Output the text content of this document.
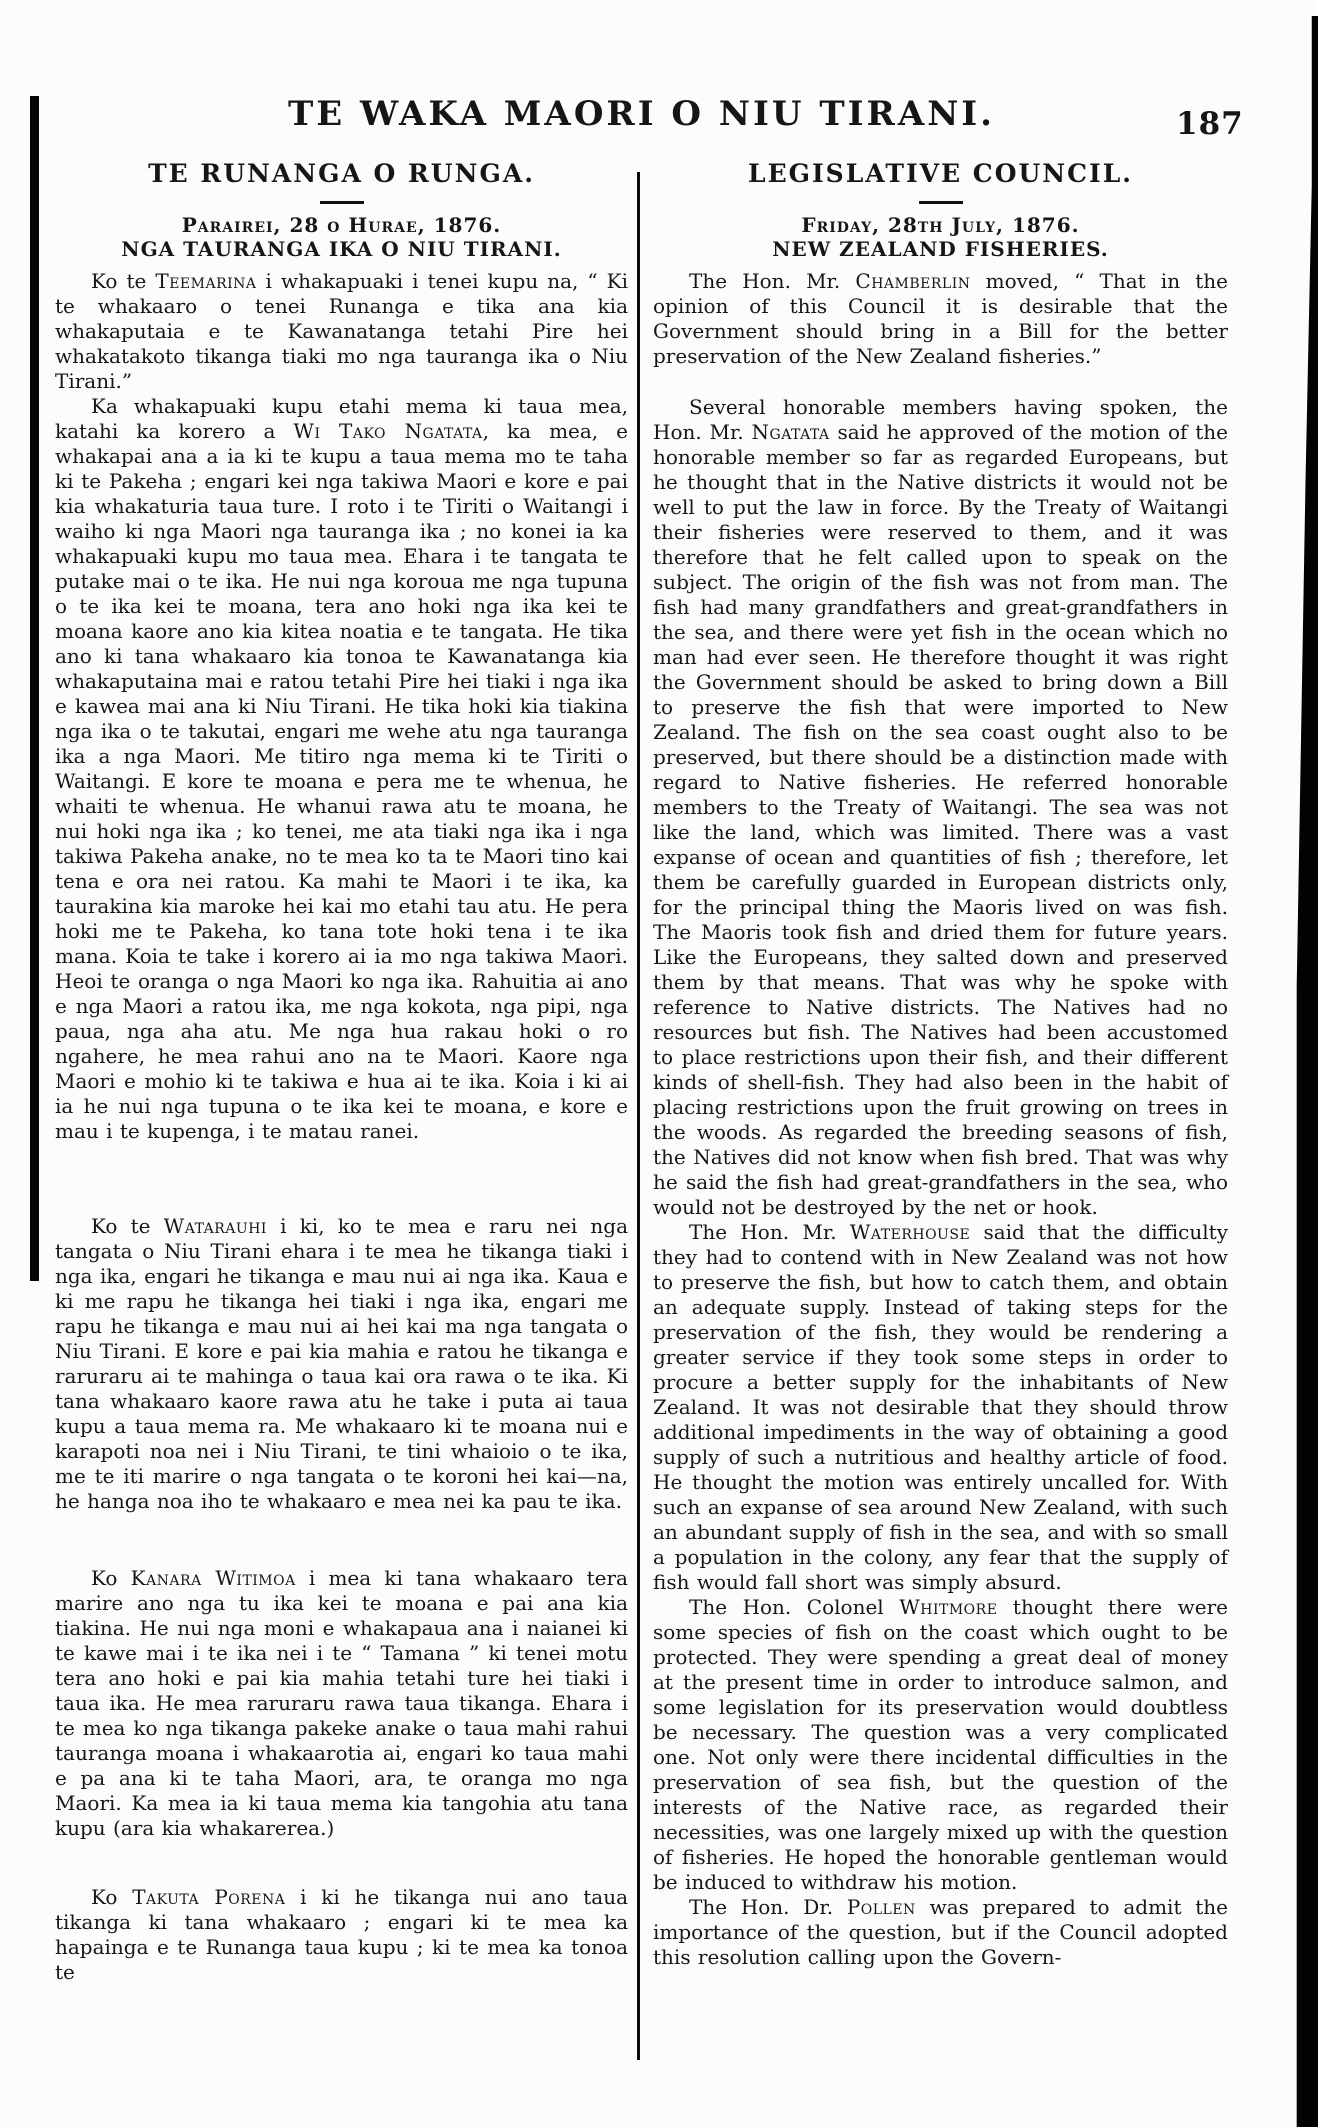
TE WAKA MAORI O NIU TIRANI.	187
TE RUNANGA O RUNGA.
Parairei, 28 o Hurae, 1876.
NGA TAURANGA IKA O NIU TIRANI.

Ko te Teemarina i whakapuaki i tenei kupu na, “ Ki te whakaaro o tenei Runanga e tika ana kia whakaputaia e te Kawanatanga tetahi Pire hei whakatakoto tikanga tiaki mo nga tauranga ika o Niu Tirani.”

Ka whakapuaki kupu etahi mema ki taua mea, katahi ka korero a Wi Tako Ngatata, ka mea, e whakapai ana a ia ki te kupu a taua mema mo te taha ki te Pakeha ; engari kei nga takiwa Maori e kore e pai kia whakaturia taua ture. I roto i te Tiriti o Waitangi i waiho ki nga Maori nga tauranga ika ; no konei ia ka whakapuaki kupu mo taua mea. Ehara i te tangata te putake mai o te ika. He nui nga koroua me nga tupuna o te ika kei te moana, tera ano hoki nga ika kei te moana kaore ano kia kitea noatia e te tangata. He tika ano ki tana whakaaro kia tonoa te Kawanatanga kia whakaputaina mai e ratou tetahi Pire hei tiaki i nga ika e kawea mai ana ki Niu Tirani. He tika hoki kia tiakina nga ika o te takutai, engari me wehe atu nga tauranga ika a nga Maori. Me titiro nga mema ki te Tiriti o Waitangi. E kore te moana e pera me te whenua, he whaiti te whenua. He whanui rawa atu te moana, he nui hoki nga ika ; ko tenei, me ata tiaki nga ika i nga takiwa Pakeha anake, no te mea ko ta te Maori tino kai tena e ora nei ratou. Ka mahi te Maori i te ika, ka taurakina kia maroke hei kai mo etahi tau atu. He pera hoki me te Pakeha, ko tana tote hoki tena i te ika mana. Koia te take i korero ai ia mo nga takiwa Maori. Heoi te oranga o nga Maori ko nga ika. Rahuitia ai ano e nga Maori a ratou ika, me nga kokota, nga pipi, nga paua, nga aha atu. Me nga hua rakau hoki o ro ngahere, he mea rahui ano na te Maori. Kaore nga Maori e mohio ki te takiwa e hua ai te ika. Koia i ki ai ia he nui nga tupuna o te ika kei te moana, e kore e mau i te kupenga, i te matau ranei.

Ko te Watarauhi i ki, ko te mea e raru nei nga tangata o Niu Tirani ehara i te mea he tikanga tiaki i nga ika, engari he tikanga e mau nui ai nga ika. Kaua e ki me rapu he tikanga hei tiaki i nga ika, engari me rapu he tikanga e mau nui ai hei kai ma nga tangata o Niu Tirani. E kore e pai kia mahia e ratou he tikanga e raruraru ai te mahinga o taua kai ora rawa o te ika. Ki tana whakaaro kaore rawa atu he take i puta ai taua kupu a taua mema ra. Me whakaaro ki te moana nui e karapoti noa nei i Niu Tirani, te tini whaioio o te ika, me te iti marire o nga tangata o te koroni hei kai—na, he hanga noa iho te whakaaro e mea nei ka pau te ika.

Ko Kanara Witimoa i mea ki tana whakaaro tera marire ano nga tu ika kei te moana e pai ana kia tiakina. He nui nga moni e whakapaua ana i naianei ki te kawe mai i te ika nei i te “ Tamana ” ki tenei motu tera ano hoki e pai kia mahia tetahi ture hei tiaki i taua ika. He mea raruraru rawa taua tikanga. Ehara i te mea ko nga tikanga pakeke anake o taua mahi rahui tauranga moana i whakaarotia ai, engari ko taua mahi e pa ana ki te taha Maori, ara, te oranga mo nga Maori. Ka mea ia ki taua mema kia tangohia atu tana kupu (ara kia whakarerea.)

Ko Takuta Porena i ki he tikanga nui ano taua tikanga ki tana whakaaro ; engari ki te mea ka hapainga e te Runanga taua kupu ; ki te mea ka tonoa te

LEGISLATIVE COUNCIL.
Friday, 28th July, 1876.
NEW ZEALAND FISHERIES.

The Hon. Mr. Chamberlin moved, “ That in the opinion of this Council it is desirable that the Government should bring in a Bill for the better preservation of the New Zealand fisheries.”

Several honorable members having spoken, the Hon. Mr. Ngatata said he approved of the motion of the honorable member so far as regarded Europeans, but he thought that in the Native districts it would not be well to put the law in force. By the Treaty of Waitangi their fisheries were reserved to them, and it was therefore that he felt called upon to speak on the subject. The origin of the fish was not from man. The fish had many grandfathers and great-grandfathers in the sea, and there were yet fish in the ocean which no man had ever seen. He therefore thought it was right the Government should be asked to bring down a Bill to preserve the fish that were imported to New Zealand. The fish on the sea coast ought also to be preserved, but there should be a distinction made with regard to Native fisheries. He referred honorable members to the Treaty of Waitangi. The sea was not like the land, which was limited. There was a vast expanse of ocean and quantities of fish ; therefore, let them be carefully guarded in European districts only, for the principal thing the Maoris lived on was fish. The Maoris took fish and dried them for future years. Like the Europeans, they salted down and preserved them by that means. That was why he spoke with reference to Native districts. The Natives had no resources but fish. The Natives had been accustomed to place restrictions upon their fish, and their different kinds of shell-fish. They had also been in the habit of placing restrictions upon the fruit growing on trees in the woods. As regarded the breeding seasons of fish, the Natives did not know when fish bred. That was why he said the fish had great-grandfathers in the sea, who would not be destroyed by the net or hook.

The Hon. Mr. Waterhouse said that the difficulty they had to contend with in New Zealand was not how to preserve the fish, but how to catch them, and obtain an adequate supply. Instead of taking steps for the preservation of the fish, they would be rendering a greater service if they took some steps in order to procure a better supply for the inhabitants of New Zealand. It was not desirable that they should throw additional impediments in the way of obtaining a good supply of such a nutritious and healthy article of food. He thought the motion was entirely uncalled for. With such an expanse of sea around New Zealand, with such an abundant supply of fish in the sea, and with so small a population in the colony, any fear that the supply of fish would fall short was simply absurd.

The Hon. Colonel Whitmore thought there were some species of fish on the coast which ought to be protected. They were spending a great deal of money at the present time in order to introduce salmon, and some legislation for its preservation would doubtless be necessary. The question was a very complicated one. Not only were there incidental difficulties in the preservation of sea fish, but the question of the interests of the Native race, as regarded their necessities, was one largely mixed up with the question of fisheries. He hoped the honorable gentleman would be induced to withdraw his motion.

The Hon. Dr. Pollen was prepared to admit the importance of the question, but if the Council adopted this resolution calling upon the Govern-
